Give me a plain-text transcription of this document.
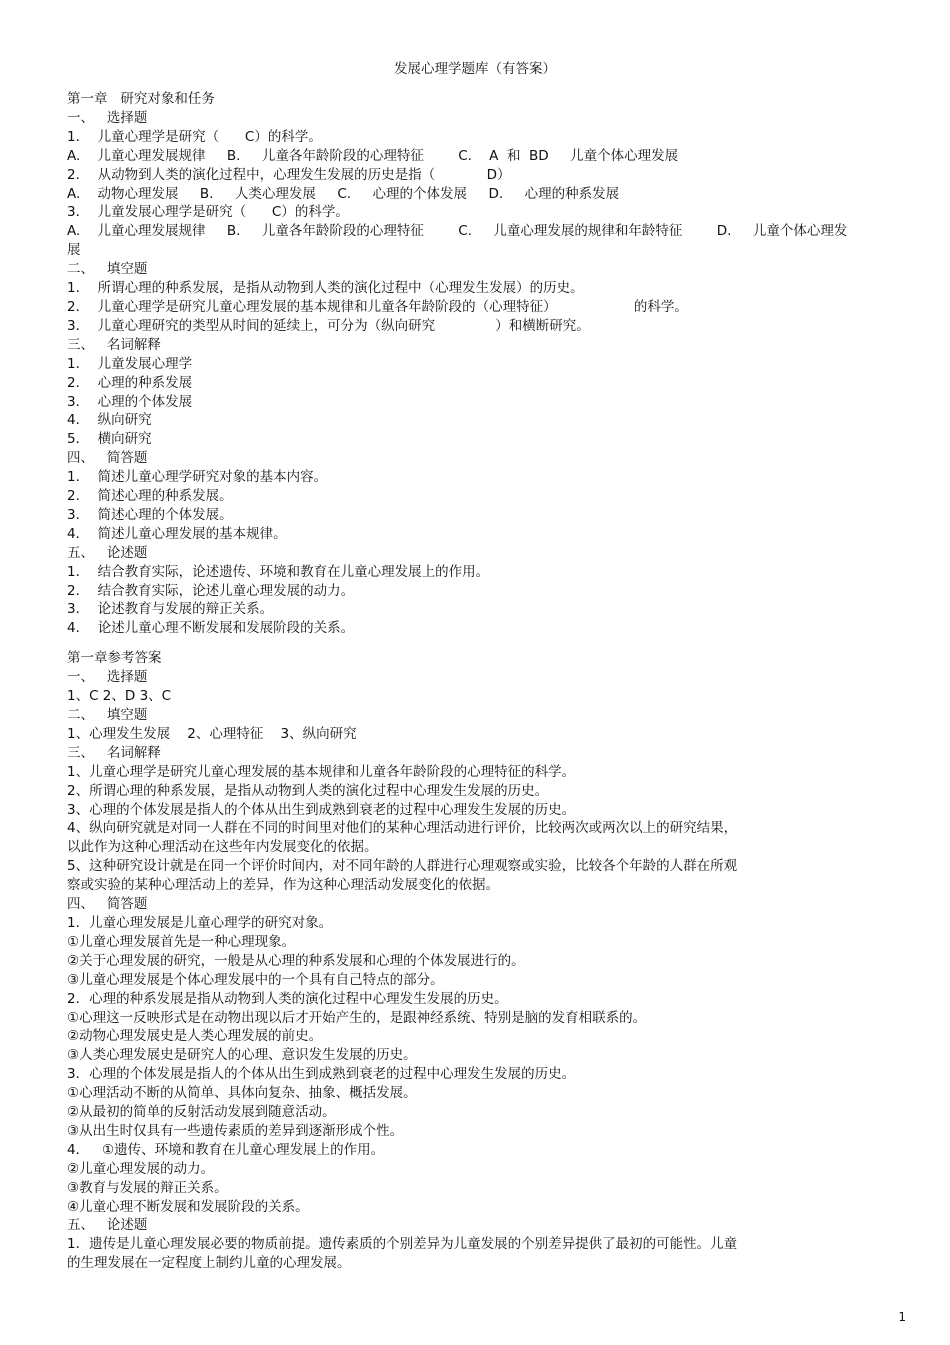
发展心理学题库（有答案）
第一章   研究对象和任务
一、   选择题
1．  儿童心理学是研究（      C）的科学。
A.    儿童心理发展规律     B.     儿童各年龄阶段的心理特征        C.    A  和  BD     儿童个体心理发展
2．  从动物到人类的演化过程中，心理发生发展的历史是指（            D）
A.    动物心理发展     B.     人类心理发展     C.     心理的个体发展     D.     心理的种系发展
3．  儿童发展心理学是研究（      C）的科学。
A.    儿童心理发展规律     B.     儿童各年龄阶段的心理特征        C.     儿童心理发展的规律和年龄特征        D.     儿童个体心理发
展
二、   填空题
1．  所谓心理的种系发展，是指从动物到人类的演化过程中（心理发生发展）的历史。
2．  儿童心理学是研究儿童心理发展的基本规律和儿童各年龄阶段的（心理特征）                  的科学。
3．  儿童心理研究的类型从时间的延续上，可分为（纵向研究              ）和横断研究。
三、   名词解释
1．  儿童发展心理学
2．  心理的种系发展
3．  心理的个体发展
4．  纵向研究
5．  横向研究
四、   简答题
1．  简述儿童心理学研究对象的基本内容。
2．  简述心理的种系发展。
3．  简述心理的个体发展。
4．  简述儿童心理发展的基本规律。
五、   论述题
1．  结合教育实际，论述遗传、环境和教育在儿童心理发展上的作用。
2．  结合教育实际，论述儿童心理发展的动力。
3．  论述教育与发展的辩正关系。
4．  论述儿童心理不断发展和发展阶段的关系。
第一章参考答案
一、   选择题
1、C 2、D 3、C
二、   填空题
1、心理发生发展    2、心理特征    3、纵向研究
三、   名词解释
1、儿童心理学是研究儿童心理发展的基本规律和儿童各年龄阶段的心理特征的科学。
2、所谓心理的种系发展，是指从动物到人类的演化过程中心理发生发展的历史。
3、心理的个体发展是指人的个体从出生到成熟到衰老的过程中心理发生发展的历史。
4、纵向研究就是对同一人群在不同的时间里对他们的某种心理活动进行评价，比较两次或两次以上的研究结果，
以此作为这种心理活动在这些年内发展变化的依据。
5、这种研究设计就是在同一个评价时间内，对不同年龄的人群进行心理观察或实验，比较各个年龄的人群在所观
察或实验的某种心理活动上的差异，作为这种心理活动发展变化的依据。
四、   简答题
1．儿童心理发展是儿童心理学的研究对象。
①儿童心理发展首先是一种心理现象。
②关于心理发展的研究，一般是从心理的种系发展和心理的个体发展进行的。
③儿童心理发展是个体心理发展中的一个具有自己特点的部分。
2．心理的种系发展是指从动物到人类的演化过程中心理发生发展的历史。
①心理这一反映形式是在动物出现以后才开始产生的，是跟神经系统、特别是脑的发育相联系的。
②动物心理发展史是人类心理发展的前史。
③人类心理发展史是研究人的心理、意识发生发展的历史。
3．心理的个体发展是指人的个体从出生到成熟到衰老的过程中心理发生发展的历史。
①心理活动不断的从简单、具体向复杂、抽象、概括发展。
②从最初的简单的反射活动发展到随意活动。
③从出生时仅具有一些遗传素质的差异到逐渐形成个性。
4．   ①遗传、环境和教育在儿童心理发展上的作用。
②儿童心理发展的动力。
③教育与发展的辩正关系。
④儿童心理不断发展和发展阶段的关系。
五、   论述题
1．遗传是儿童心理发展必要的物质前提。遗传素质的个别差异为儿童发展的个别差异提供了最初的可能性。儿童
的生理发展在一定程度上制约儿童的心理发展。
1
